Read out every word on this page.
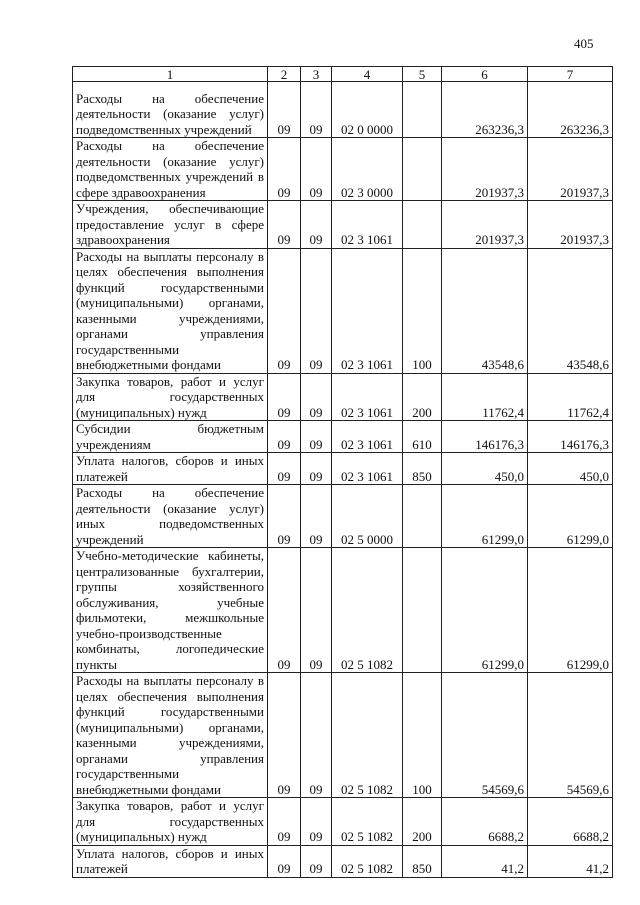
405
1	2	3	4	5	6	7
Расходы на обеспечение деятельности (оказание услуг) подведомственных учреждений	09	09	02 0 0000		263236,3	263236,3
Расходы на обеспечение деятельности (оказание услуг) подведомственных учреждений в сфере здравоохранения	09	09	02 3 0000		201937,3	201937,3
Учреждения, обеспечивающие предоставление услуг в сфере здравоохранения	09	09	02 3 1061		201937,3	201937,3
Расходы на выплаты персоналу в целях обеспечения выполнения функций государственными (муниципальными) органами, казенными учреждениями, органами управления государственными внебюджетными фондами	09	09	02 3 1061	100	43548,6	43548,6
Закупка товаров, работ и услуг для государственных (муниципальных) нужд	09	09	02 3 1061	200	11762,4	11762,4
Субсидии бюджетным учреждениям	09	09	02 3 1061	610	146176,3	146176,3
Уплата налогов, сборов и иных платежей	09	09	02 3 1061	850	450,0	450,0
Расходы на обеспечение деятельности (оказание услуг) иных подведомственных учреждений	09	09	02 5 0000		61299,0	61299,0
Учебно-методические кабинеты, централизованные бухгалтерии, группы хозяйственного обслуживания, учебные фильмотеки, межшкольные учебно-производственные комбинаты, логопедические пункты	09	09	02 5 1082		61299,0	61299,0
Расходы на выплаты персоналу в целях обеспечения выполнения функций государственными (муниципальными) органами, казенными учреждениями, органами управления государственными внебюджетными фондами	09	09	02 5 1082	100	54569,6	54569,6
Закупка товаров, работ и услуг для государственных (муниципальных) нужд	09	09	02 5 1082	200	6688,2	6688,2
Уплата налогов, сборов и иных платежей	09	09	02 5 1082	850	41,2	41,2
